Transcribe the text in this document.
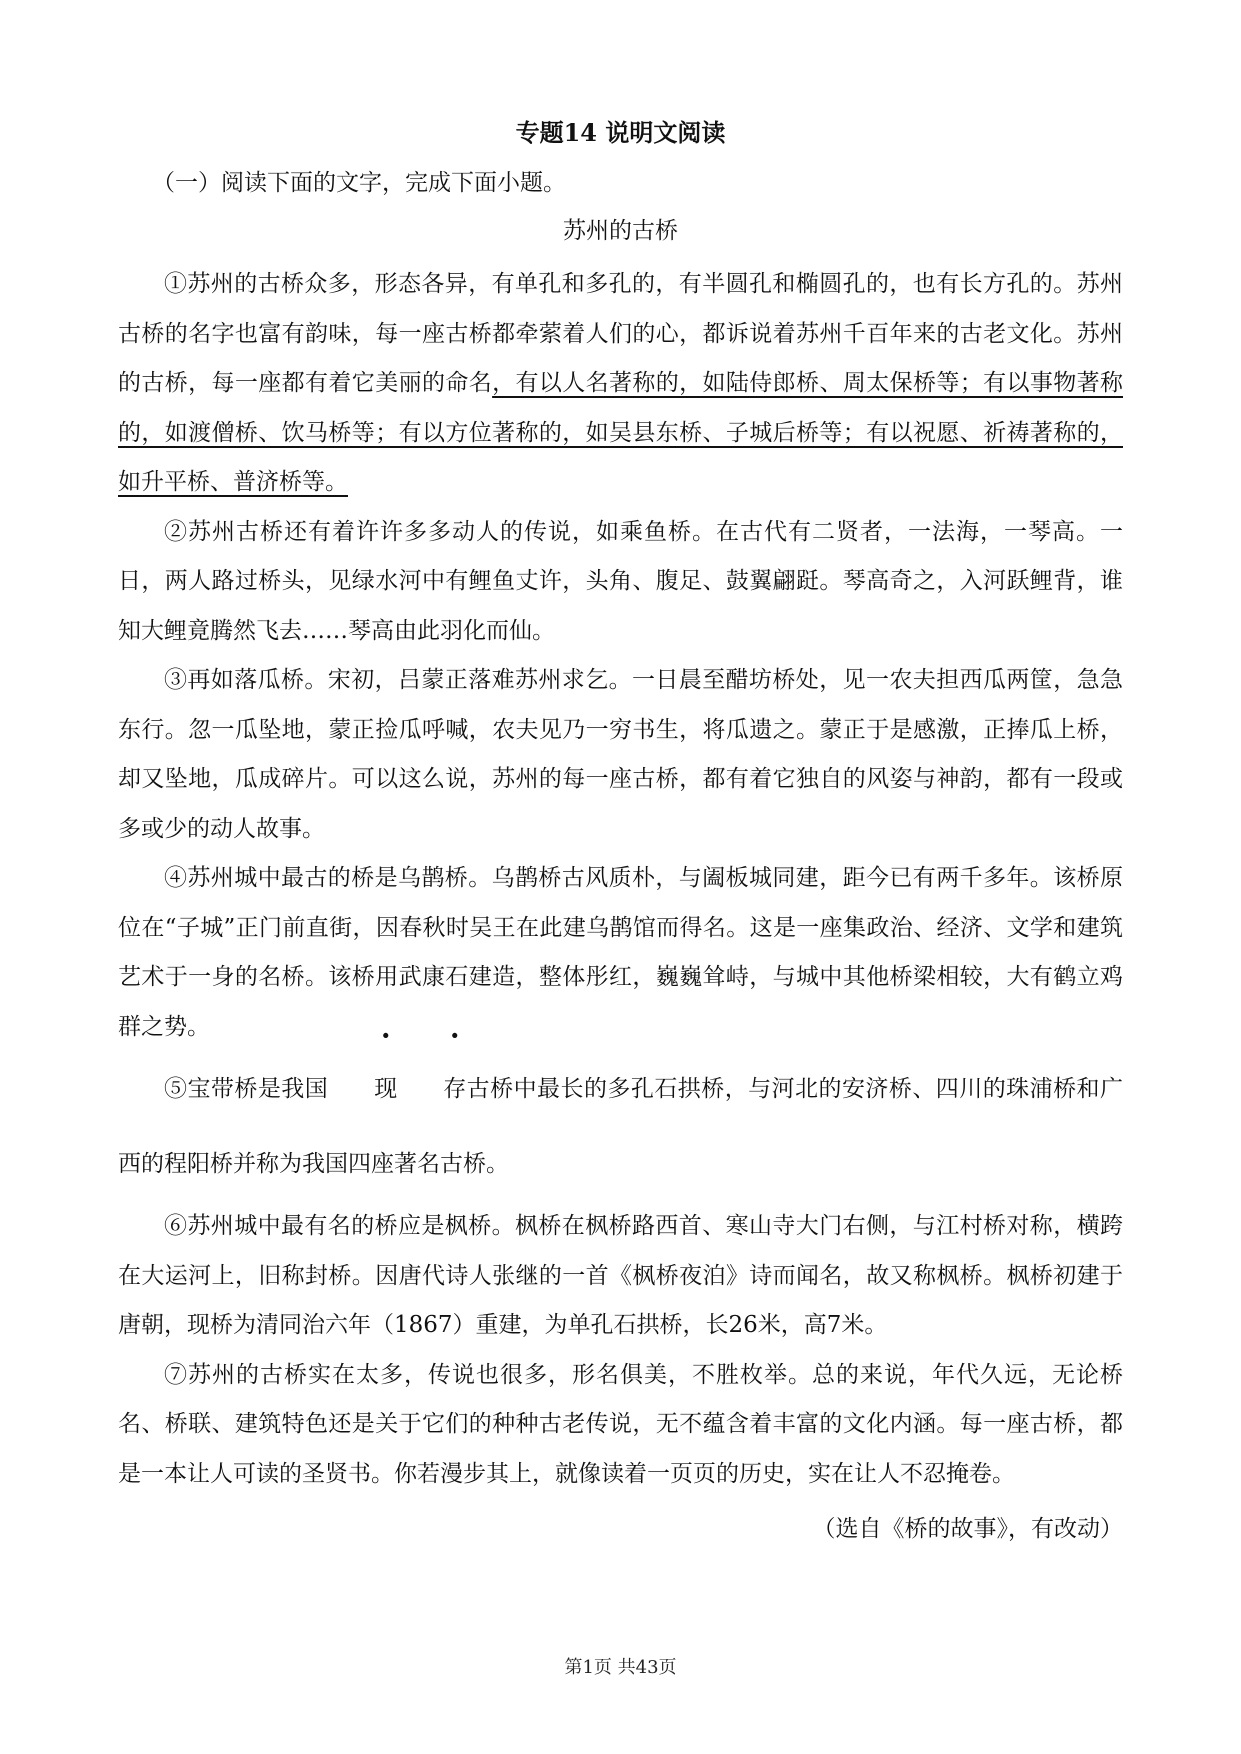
专题14 说明文阅读
（一）阅读下面的文字，完成下面小题。
苏州的古桥

①苏州的古桥众多，形态各异，有单孔和多孔的，有半圆孔和椭圆孔的，也有长方孔的。苏州古桥的名字也富有韵味，每一座古桥都牵萦着人们的心，都诉说着苏州千百年来的古老文化。苏州的古桥，每一座都有着它美丽的命名，有以人名著称的，如陆侍郎桥、周太保桥等；有以事物著称的，如渡僧桥、饮马桥等；有以方位著称的，如吴县东桥、子城后桥等；有以祝愿、祈祷著称的，如升平桥、普济桥等。

②苏州古桥还有着许许多多动人的传说，如乘鱼桥。在古代有二贤者，一法海，一琴高。一日，两人路过桥头，见绿水河中有鲤鱼丈许，头角、腹足、鼓翼翩跹。琴高奇之，入河跃鲤背，谁知大鲤竟腾然飞去……琴高由此羽化而仙。

③再如落瓜桥。宋初，吕蒙正落难苏州求乞。一日晨至醋坊桥处，见一农夫担西瓜两筐，急急东行。忽一瓜坠地，蒙正捡瓜呼喊，农夫见乃一穷书生，将瓜遗之。蒙正于是感激，正捧瓜上桥，却又坠地，瓜成碎片。可以这么说，苏州的每一座古桥，都有着它独自的风姿与神韵，都有一段或多或少的动人故事。

④苏州城中最古的桥是乌鹊桥。乌鹊桥古风质朴，与阖板城同建，距今已有两千多年。该桥原位在“子城”正门前直街，因春秋时吴王在此建乌鹊馆而得名。这是一座集政治、经济、文学和建筑艺术于一身的名桥。该桥用武康石建造，整体彤红，巍巍耸峙，与城中其他桥梁相较，大有鹤立鸡群之势。

⑤宝带桥是我国 现 存古桥中最长的多孔石拱桥，与河北的安济桥、四川的珠浦桥和广西的程阳桥并称为我国四座著名古桥。

⑥苏州城中最有名的桥应是枫桥。枫桥在枫桥路西首、寒山寺大门右侧，与江村桥对称，横跨在大运河上，旧称封桥。因唐代诗人张继的一首《枫桥夜泊》诗而闻名，故又称枫桥。枫桥初建于唐朝，现桥为清同治六年（1867）重建，为单孔石拱桥，长26米，高7米。

⑦苏州的古桥实在太多，传说也很多，形名俱美，不胜枚举。总的来说，年代久远，无论桥名、桥联、建筑特色还是关于它们的种种古老传说，无不蕴含着丰富的文化内涵。每一座古桥，都是一本让人可读的圣贤书。你若漫步其上，就像读着一页页的历史，实在让人不忍掩卷。

（选自《桥的故事》，有改动）

第1页 共43页
